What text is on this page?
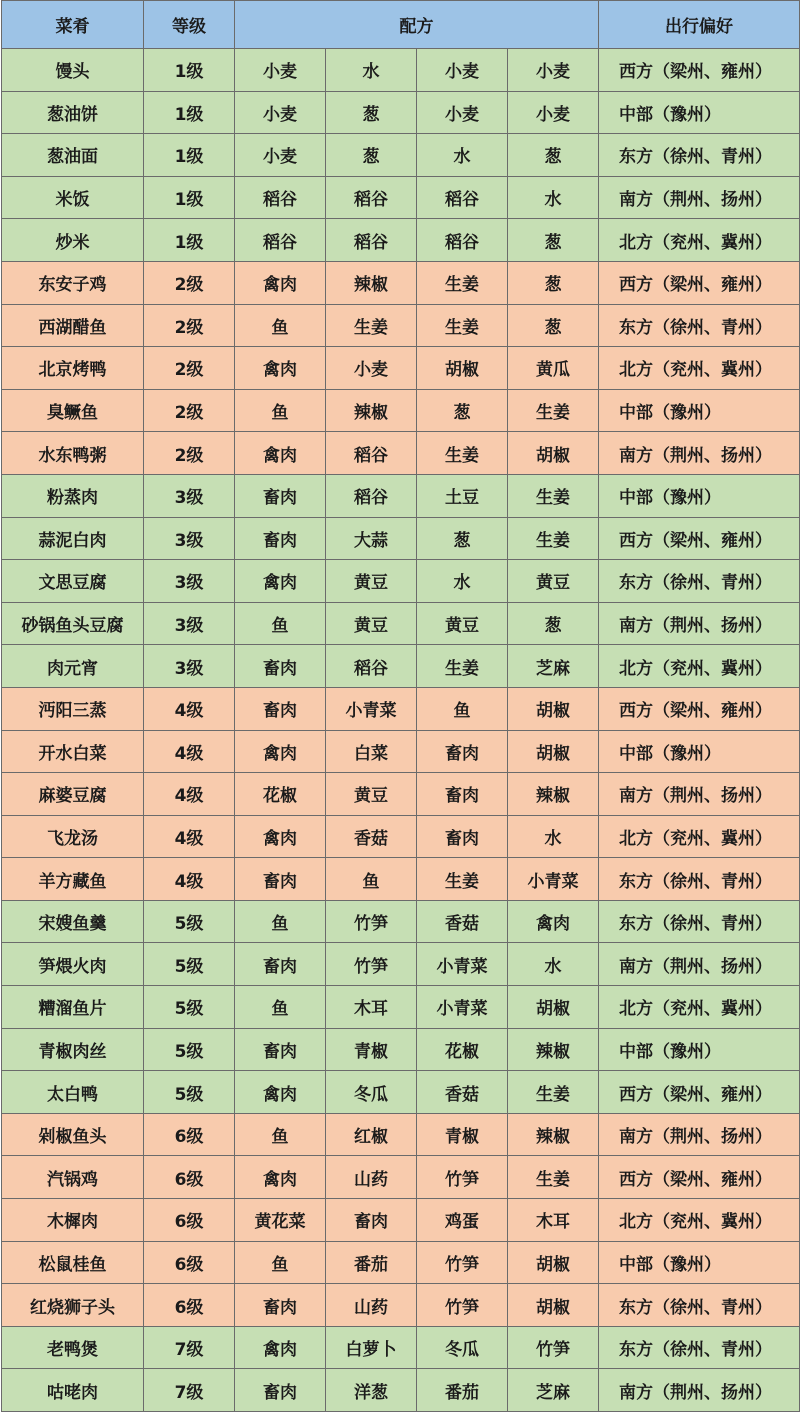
菜肴	等级	配方				出行偏好
馒头	1级	小麦	水	小麦	小麦	西方（梁州、雍州）
葱油饼	1级	小麦	葱	小麦	小麦	中部（豫州）
葱油面	1级	小麦	葱	水	葱	东方（徐州、青州）
米饭	1级	稻谷	稻谷	稻谷	水	南方（荆州、扬州）
炒米	1级	稻谷	稻谷	稻谷	葱	北方（兖州、冀州）
东安子鸡	2级	禽肉	辣椒	生姜	葱	西方（梁州、雍州）
西湖醋鱼	2级	鱼	生姜	生姜	葱	东方（徐州、青州）
北京烤鸭	2级	禽肉	小麦	胡椒	黄瓜	北方（兖州、冀州）
臭鳜鱼	2级	鱼	辣椒	葱	生姜	中部（豫州）
水东鸭粥	2级	禽肉	稻谷	生姜	胡椒	南方（荆州、扬州）
粉蒸肉	3级	畜肉	稻谷	土豆	生姜	中部（豫州）
蒜泥白肉	3级	畜肉	大蒜	葱	生姜	西方（梁州、雍州）
文思豆腐	3级	禽肉	黄豆	水	黄豆	东方（徐州、青州）
砂锅鱼头豆腐	3级	鱼	黄豆	黄豆	葱	南方（荆州、扬州）
肉元宵	3级	畜肉	稻谷	生姜	芝麻	北方（兖州、冀州）
沔阳三蒸	4级	畜肉	小青菜	鱼	胡椒	西方（梁州、雍州）
开水白菜	4级	禽肉	白菜	畜肉	胡椒	中部（豫州）
麻婆豆腐	4级	花椒	黄豆	畜肉	辣椒	南方（荆州、扬州）
飞龙汤	4级	禽肉	香菇	畜肉	水	北方（兖州、冀州）
羊方藏鱼	4级	畜肉	鱼	生姜	小青菜	东方（徐州、青州）
宋嫂鱼羹	5级	鱼	竹笋	香菇	禽肉	东方（徐州、青州）
笋煨火肉	5级	畜肉	竹笋	小青菜	水	南方（荆州、扬州）
糟溜鱼片	5级	鱼	木耳	小青菜	胡椒	北方（兖州、冀州）
青椒肉丝	5级	畜肉	青椒	花椒	辣椒	中部（豫州）
太白鸭	5级	禽肉	冬瓜	香菇	生姜	西方（梁州、雍州）
剁椒鱼头	6级	鱼	红椒	青椒	辣椒	南方（荆州、扬州）
汽锅鸡	6级	禽肉	山药	竹笋	生姜	西方（梁州、雍州）
木樨肉	6级	黄花菜	畜肉	鸡蛋	木耳	北方（兖州、冀州）
松鼠桂鱼	6级	鱼	番茄	竹笋	胡椒	中部（豫州）
红烧狮子头	6级	畜肉	山药	竹笋	胡椒	东方（徐州、青州）
老鸭煲	7级	禽肉	白萝卜	冬瓜	竹笋	东方（徐州、青州）
咕咾肉	7级	畜肉	洋葱	番茄	芝麻	南方（荆州、扬州）
